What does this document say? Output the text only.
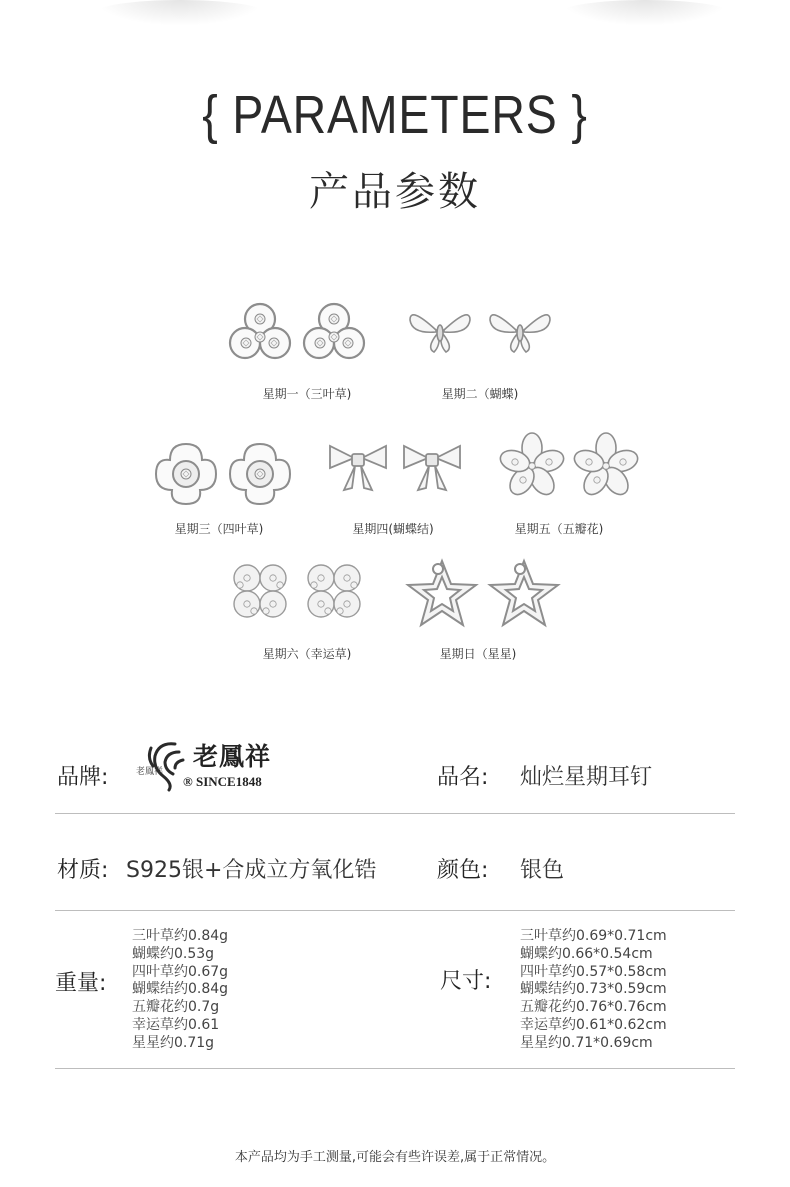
{ PARAMETERS }
产品参数
星期一（三叶草)	星期二（蝴蝶)
星期三（四叶草)	星期四(蝴蝶结)	星期五（五瓣花)
星期六（幸运草)	星期日（星星)
品牌:	老鳳祥
老鳳祥
® SINCE1848	品名: 灿烂星期耳钉
材质: S925银+合成立方氧化锆	颜色: 银色
重量:
三叶草约0.84g
蝴蝶约0.53g
四叶草约0.67g
蝴蝶结约0.84g
五瓣花约0.7g
幸运草约0.61
星星约0.71g
尺寸:
三叶草约0.69*0.71cm
蝴蝶约0.66*0.54cm
四叶草约0.57*0.58cm
蝴蝶结约0.73*0.59cm
五瓣花约0.76*0.76cm
幸运草约0.61*0.62cm
星星约0.71*0.69cm
本产品均为手工测量,可能会有些许误差,属于正常情况。
